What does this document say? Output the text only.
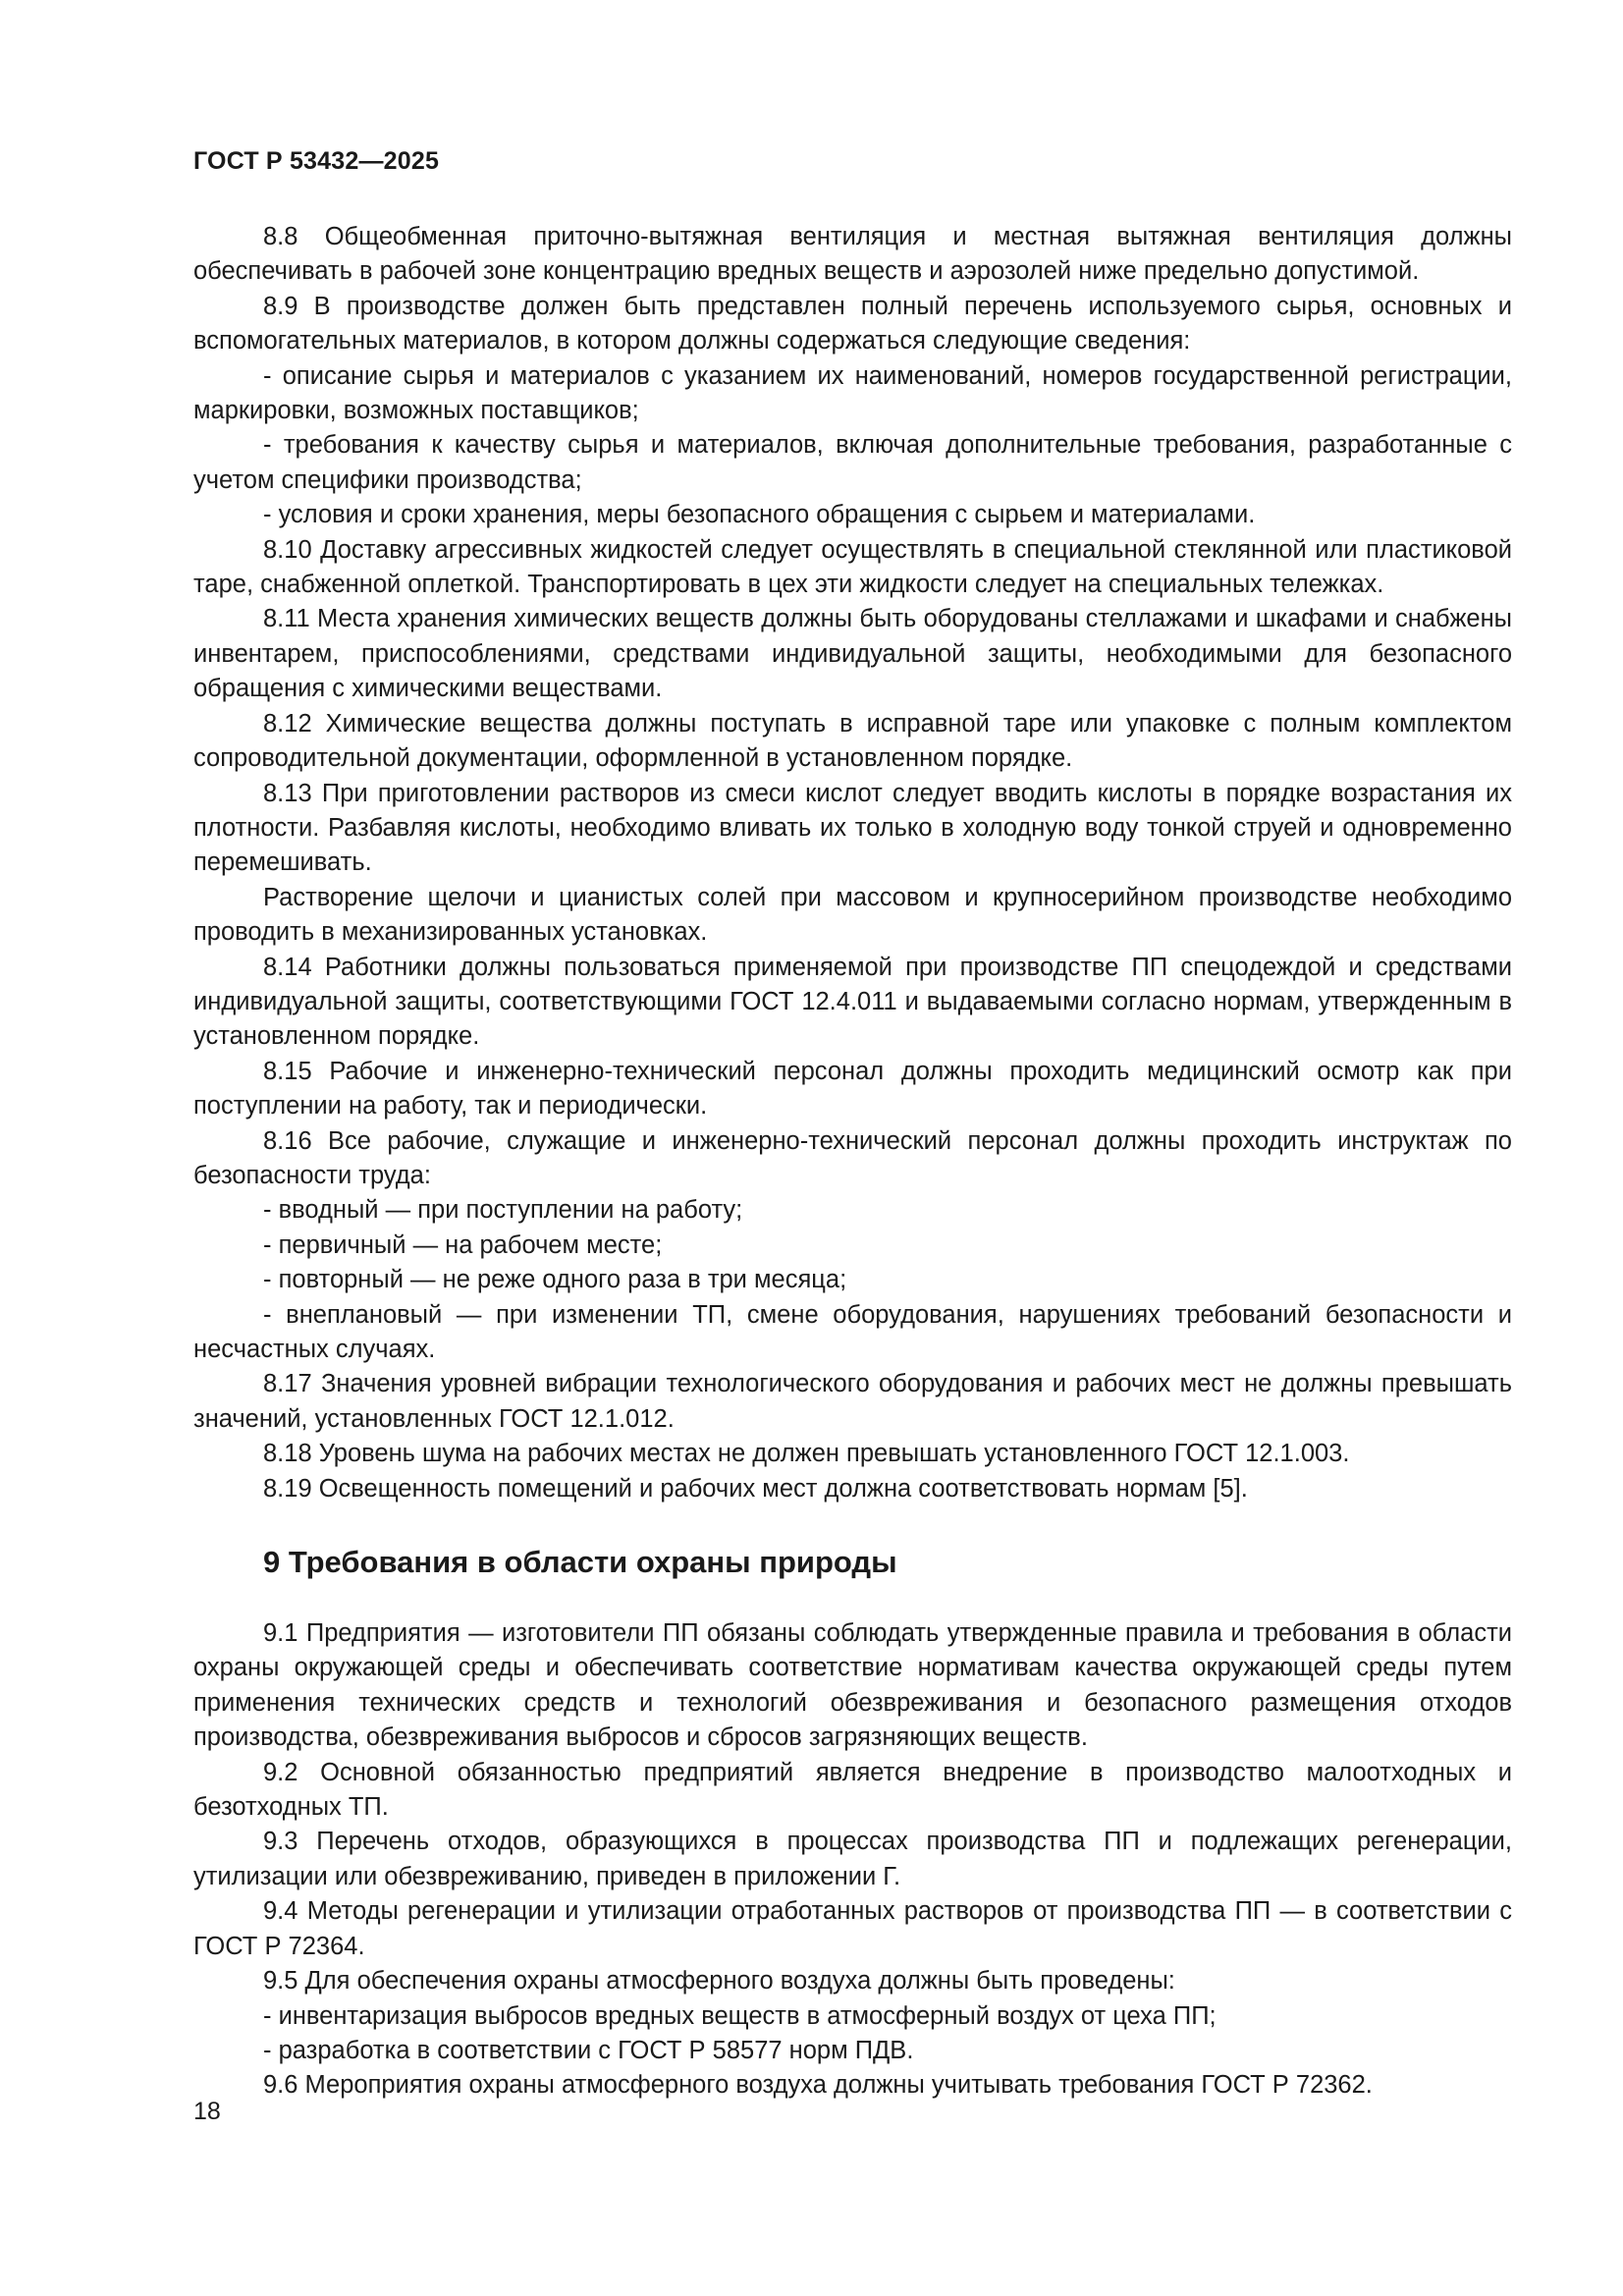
ГОСТ Р 53432—2025

8.8 Общеобменная приточно-вытяжная вентиляция и местная вытяжная вентиляция должны обеспечивать в рабочей зоне концентрацию вредных веществ и аэрозолей ниже предельно допустимой.

8.9 В производстве должен быть представлен полный перечень используемого сырья, основных и вспомогательных материалов, в котором должны содержаться следующие сведения:

- описание сырья и материалов с указанием их наименований, номеров государственной регистрации, маркировки, возможных поставщиков;

- требования к качеству сырья и материалов, включая дополнительные требования, разработанные с учетом специфики производства;

- условия и сроки хранения, меры безопасного обращения с сырьем и материалами.

8.10 Доставку агрессивных жидкостей следует осуществлять в специальной стеклянной или пластиковой таре, снабженной оплеткой. Транспортировать в цех эти жидкости следует на специальных тележках.

8.11 Места хранения химических веществ должны быть оборудованы стеллажами и шкафами и снабжены инвентарем, приспособлениями, средствами индивидуальной защиты, необходимыми для безопасного обращения с химическими веществами.

8.12 Химические вещества должны поступать в исправной таре или упаковке с полным комплектом сопроводительной документации, оформленной в установленном порядке.

8.13 При приготовлении растворов из смеси кислот следует вводить кислоты в порядке возрастания их плотности. Разбавляя кислоты, необходимо вливать их только в холодную воду тонкой струей и одновременно перемешивать.

Растворение щелочи и цианистых солей при массовом и крупносерийном производстве необходимо проводить в механизированных установках.

8.14 Работники должны пользоваться применяемой при производстве ПП спецодеждой и средствами индивидуальной защиты, соответствующими ГОСТ 12.4.011 и выдаваемыми согласно нормам, утвержденным в установленном порядке.

8.15 Рабочие и инженерно-технический персонал должны проходить медицинский осмотр как при поступлении на работу, так и периодически.

8.16 Все рабочие, служащие и инженерно-технический персонал должны проходить инструктаж по безопасности труда:

- вводный — при поступлении на работу;

- первичный — на рабочем месте;

- повторный — не реже одного раза в три месяца;

- внеплановый — при изменении ТП, смене оборудования, нарушениях требований безопасности и несчастных случаях.

8.17 Значения уровней вибрации технологического оборудования и рабочих мест не должны превышать значений, установленных ГОСТ 12.1.012.

8.18 Уровень шума на рабочих местах не должен превышать установленного ГОСТ 12.1.003.

8.19 Освещенность помещений и рабочих мест должна соответствовать нормам [5].

9 Требования в области охраны природы

9.1 Предприятия — изготовители ПП обязаны соблюдать утвержденные правила и требования в области охраны окружающей среды и обеспечивать соответствие нормативам качества окружающей среды путем применения технических средств и технологий обезвреживания и безопасного размещения отходов производства, обезвреживания выбросов и сбросов загрязняющих веществ.

9.2 Основной обязанностью предприятий является внедрение в производство малоотходных и безотходных ТП.

9.3 Перечень отходов, образующихся в процессах производства ПП и подлежащих регенерации, утилизации или обезвреживанию, приведен в приложении Г.

9.4 Методы регенерации и утилизации отработанных растворов от производства ПП — в соответствии с ГОСТ Р 72364.

9.5 Для обеспечения охраны атмосферного воздуха должны быть проведены:

- инвентаризация выбросов вредных веществ в атмосферный воздух от цеха ПП;

- разработка в соответствии с ГОСТ Р 58577 норм ПДВ.

9.6 Мероприятия охраны атмосферного воздуха должны учитывать требования ГОСТ Р 72362.

18
